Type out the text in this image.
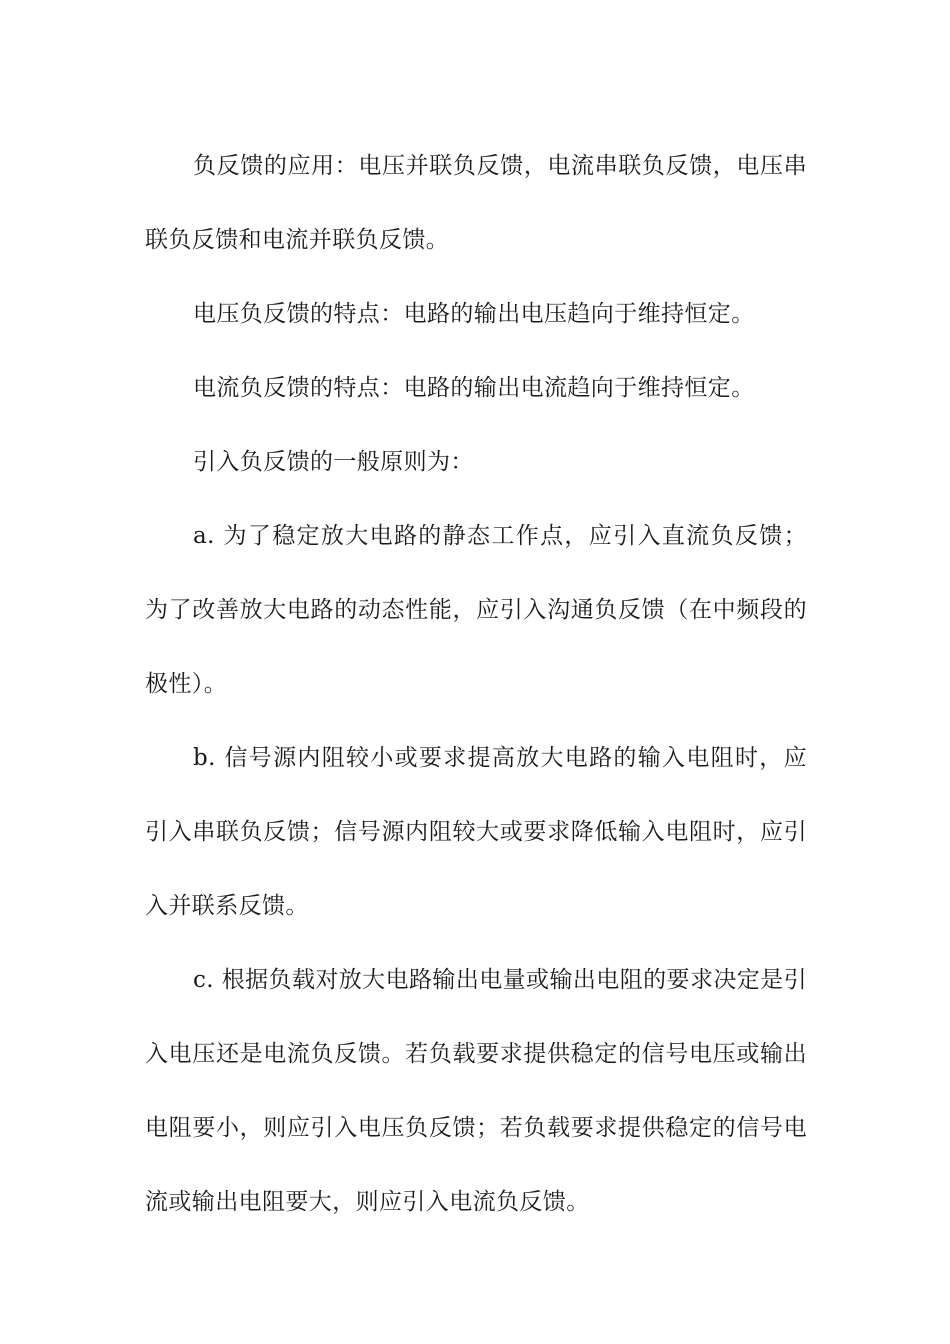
负反馈的应用：电压并联负反馈，电流串联负反馈，电压串联负反馈和电流并联负反馈。

电压负反馈的特点：电路的输出电压趋向于维持恒定。

电流负反馈的特点：电路的输出电流趋向于维持恒定。

引入负反馈的一般原则为：

a. 为了稳定放大电路的静态工作点，应引入直流负反馈；为了改善放大电路的动态性能，应引入沟通负反馈（在中频段的极性）。

b. 信号源内阻较小或要求提高放大电路的输入电阻时，应引入串联负反馈；信号源内阻较大或要求降低输入电阻时，应引入并联系反馈。

c. 根据负载对放大电路输出电量或输出电阻的要求决定是引入电压还是电流负反馈。若负载要求提供稳定的信号电压或输出电阻要小，则应引入电压负反馈；若负载要求提供稳定的信号电流或输出电阻要大，则应引入电流负反馈。
